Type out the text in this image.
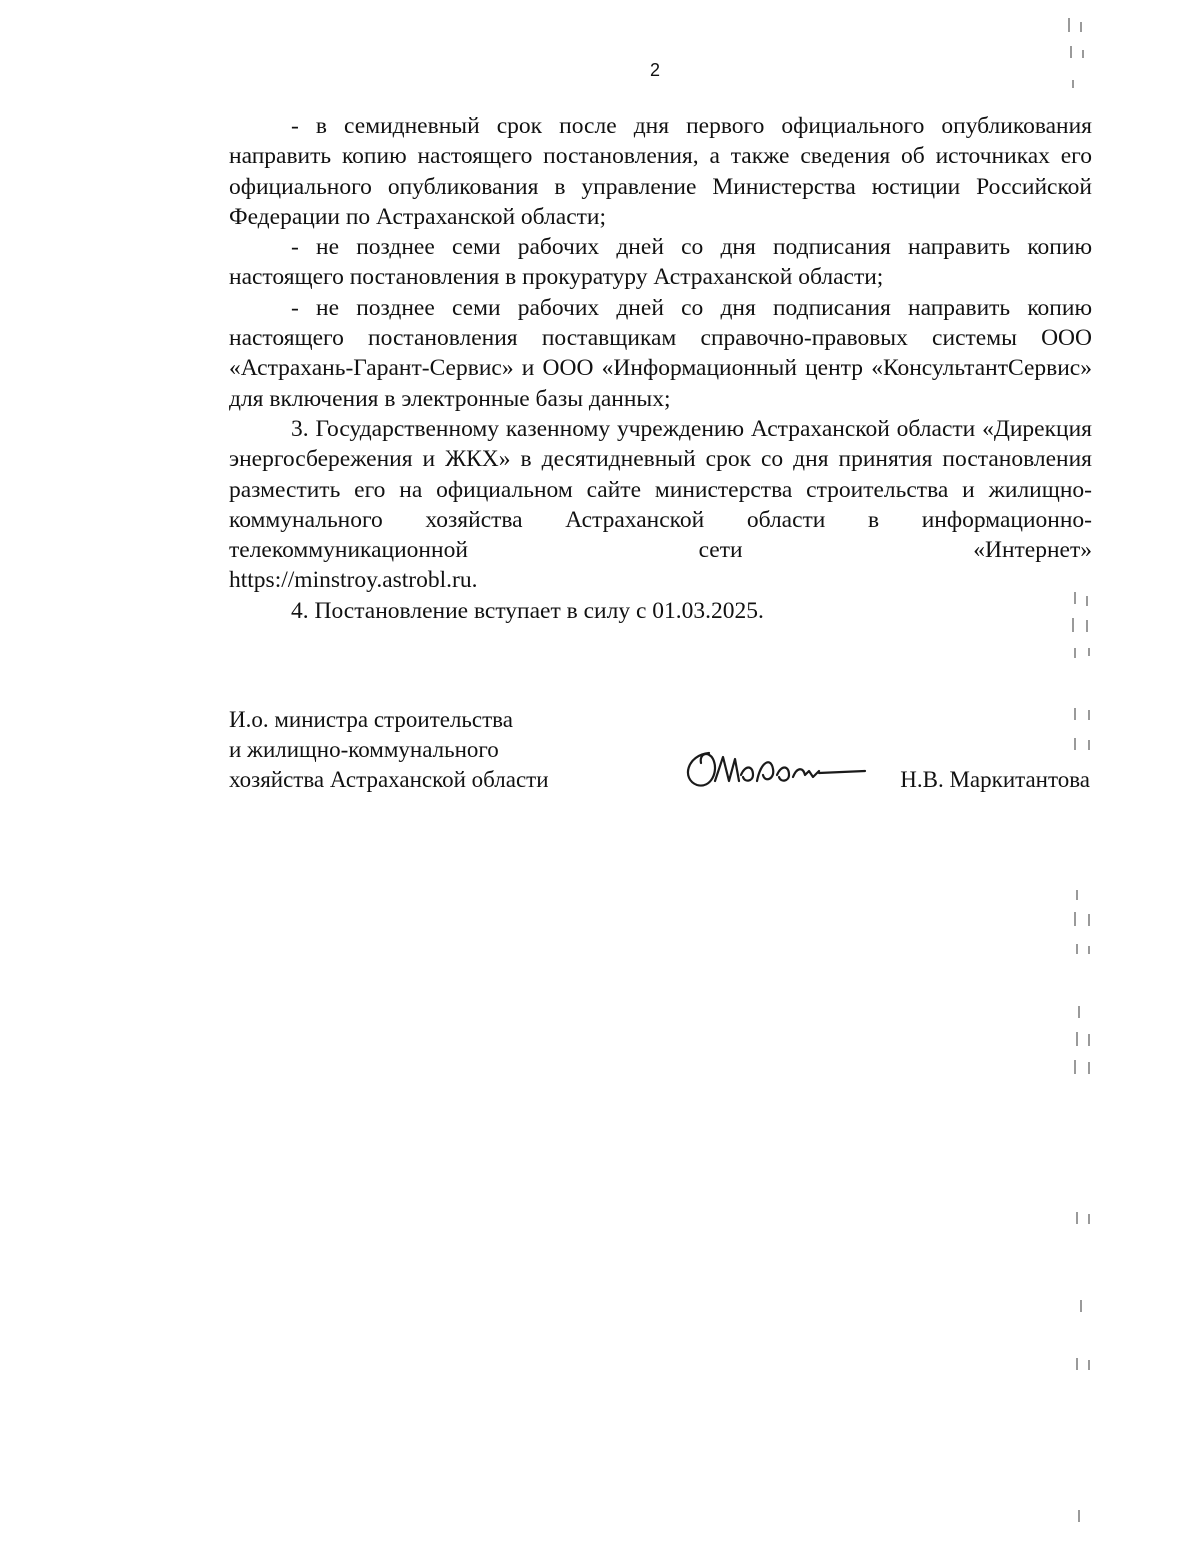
2

- в семидневный срок после дня первого официального опубликования направить копию настоящего постановления, а также сведения об источниках его официального опубликования в управление Министерства юстиции Российской Федерации по Астраханской области;

- не позднее семи рабочих дней со дня подписания направить копию настоящего постановления в прокуратуру Астраханской области;

- не позднее семи рабочих дней со дня подписания направить копию настоящего постановления поставщикам справочно-правовых системы ООО «Астрахань-Гарант-Сервис» и ООО «Информационный центр «КонсультантСервис» для включения в электронные базы данных;

3. Государственному казенному учреждению Астраханской области «Дирекция энергосбережения и ЖКХ» в десятидневный срок со дня принятия постановления разместить его на официальном сайте министерства строительства и жилищно-коммунального хозяйства Астраханской области в информационно-телекоммуникационной сети «Интернет»

https://minstroy.astrobl.ru.

4. Постановление вступает в силу с 01.03.2025.

И.о. министра строительства
и жилищно-коммунального
хозяйства Астраханской области	Н.В. Маркитантова
